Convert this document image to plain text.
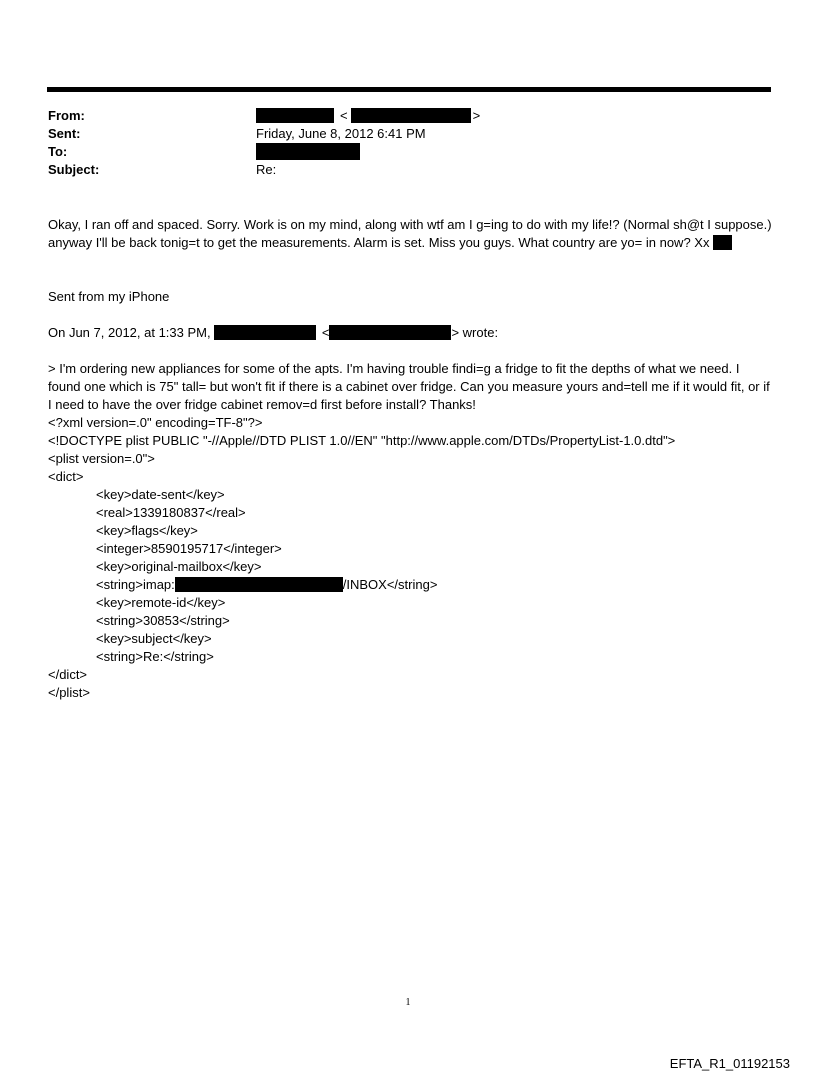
From:	<	>
Sent:	Friday, June 8, 2012 6:41 PM
To:
Subject:	Re:
Okay, I ran off and spaced. Sorry. Work is on my mind, along with wtf am I g=ing to do with my life!? (Normal sh@t I suppose.) anyway I'll be back tonig=t to get the measurements. Alarm is set. Miss you guys. What country are yo= in now? Xx
Sent from my iPhone
On Jun 7, 2012, at 1:33 PM,	<	> wrote:
> I'm ordering new appliances for some of the apts. I'm having trouble findi=g a fridge to fit the depths of what we need. I found one which is 75" tall= but won't fit if there is a cabinet over fridge. Can you measure yours and=tell me if it would fit, or if I need to have the over fridge cabinet remov=d first before install? Thanks!
<?xml version=.0" encoding=TF-8"?>
<!DOCTYPE plist PUBLIC "-//Apple//DTD PLIST 1.0//EN" "http://www.apple.com/DTDs/PropertyList-1.0.dtd">
<plist version=.0">
<dict>
<key>date-sent</key>
<real>1339180837</real>
<key>flags</key>
<integer>8590195717</integer>
<key>original-mailbox</key>
<string>imap:	/INBOX</string>
<key>remote-id</key>
<string>30853</string>
<key>subject</key>
<string>Re:</string>
</dict>
</plist>
1
EFTA_R1_01192153
